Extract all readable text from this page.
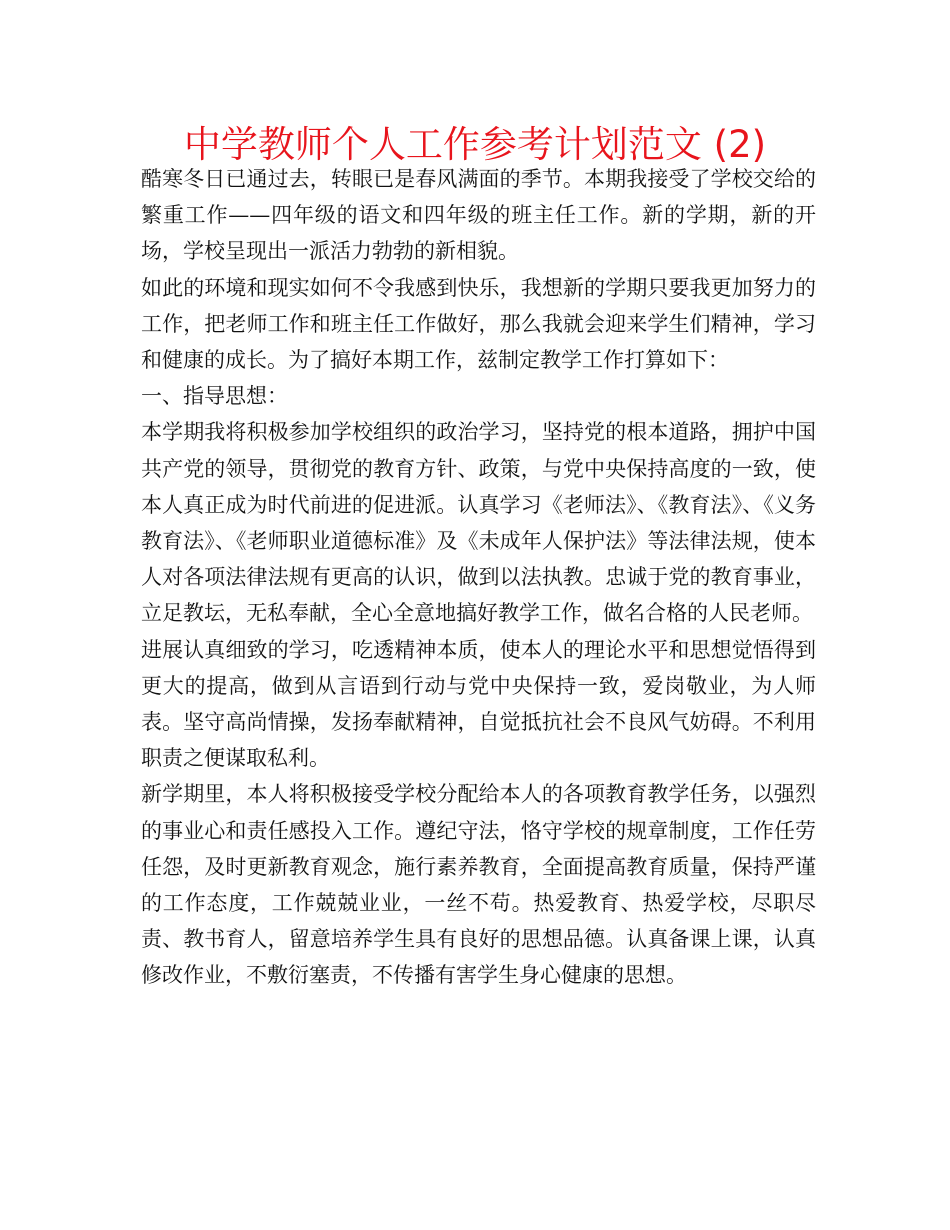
中学教师个人工作参考计划范文 (2)

酷寒冬日已通过去，转眼已是春风满面的季节。本期我接受了学校交给的繁重工作——四年级的语文和四年级的班主任工作。新的学期，新的开场，学校呈现出一派活力勃勃的新相貌。

如此的环境和现实如何不令我感到快乐，我想新的学期只要我更加努力的工作，把老师工作和班主任工作做好，那么我就会迎来学生们精神，学习和健康的成长。为了搞好本期工作，兹制定教学工作打算如下：

一、指导思想：

本学期我将积极参加学校组织的政治学习，坚持党的根本道路，拥护中国共产党的领导，贯彻党的教育方针、政策，与党中央保持高度的一致，使本人真正成为时代前进的促进派。认真学习《老师法》、《教育法》、《义务教育法》、《老师职业道德标准》及《未成年人保护法》等法律法规，使本人对各项法律法规有更高的认识，做到以法执教。忠诚于党的教育事业，立足教坛，无私奉献，全心全意地搞好教学工作，做名合格的人民老师。

进展认真细致的学习，吃透精神本质，使本人的理论水平和思想觉悟得到更大的提高，做到从言语到行动与党中央保持一致，爱岗敬业，为人师表。坚守高尚情操，发扬奉献精神，自觉抵抗社会不良风气妨碍。不利用职责之便谋取私利。

新学期里，本人将积极接受学校分配给本人的各项教育教学任务，以强烈的事业心和责任感投入工作。遵纪守法，恪守学校的规章制度，工作任劳任怨，及时更新教育观念，施行素养教育，全面提高教育质量，保持严谨的工作态度，工作兢兢业业，一丝不苟。热爱教育、热爱学校，尽职尽责、教书育人，留意培养学生具有良好的思想品德。认真备课上课，认真修改作业，不敷衍塞责，不传播有害学生身心健康的思想。
